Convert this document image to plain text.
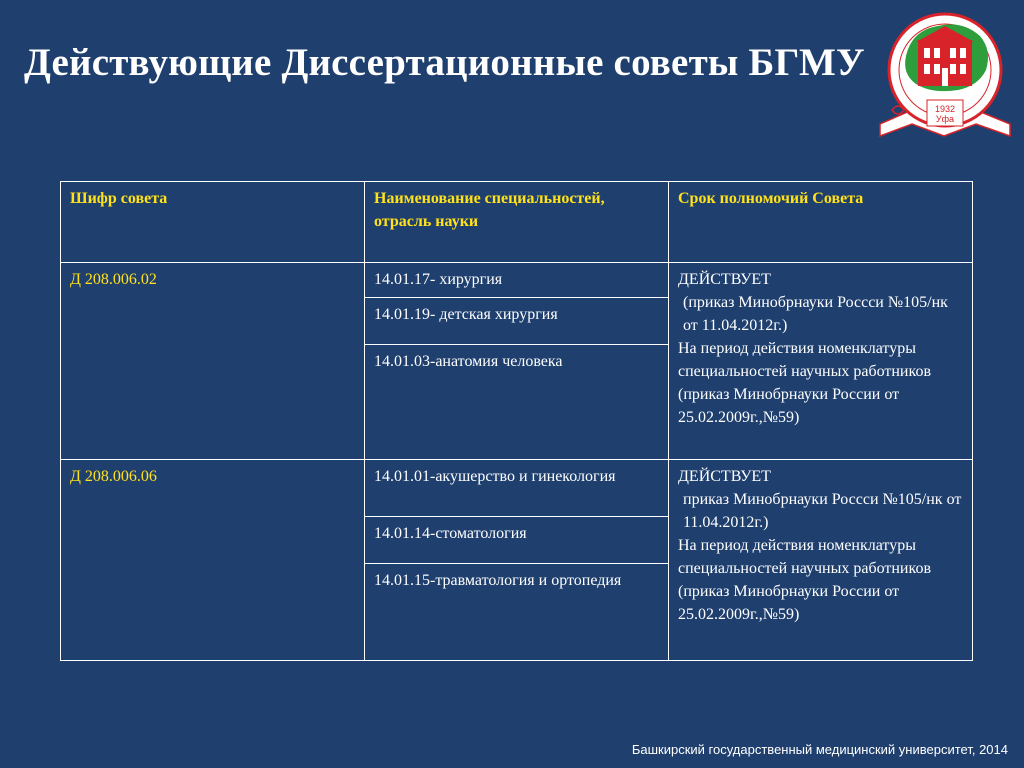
Действующие Диссертационные советы БГМУ
1932
Уфа
Шифр совета	Наименование специальностей, отрасль науки	Срок полномочий Совета
Д 208.006.02	14.01.17- хирургия	ДЕЙСТВУЕТ
(приказ Минобрнауки Россси №105/нк от 11.04.2012г.)
На период действия номенклатуры специальностей научных работников (приказ Минобрнауки России от 25.02.2009г.,№59)

	14.01.19- детская хирургия	
	14.01.03-анатомия человека	
Д 208.006.06	14.01.01-акушерство и гинекология	ДЕЙСТВУЕТ
приказ Минобрнауки Россси №105/нк от 11.04.2012г.)
На период действия номенклатуры специальностей научных работников (приказ Минобрнауки России от 25.02.2009г.,№59)

	14.01.14-стоматология	
	14.01.15-травматология и ортопедия	
Башкирский государственный медицинский университет, 2014
